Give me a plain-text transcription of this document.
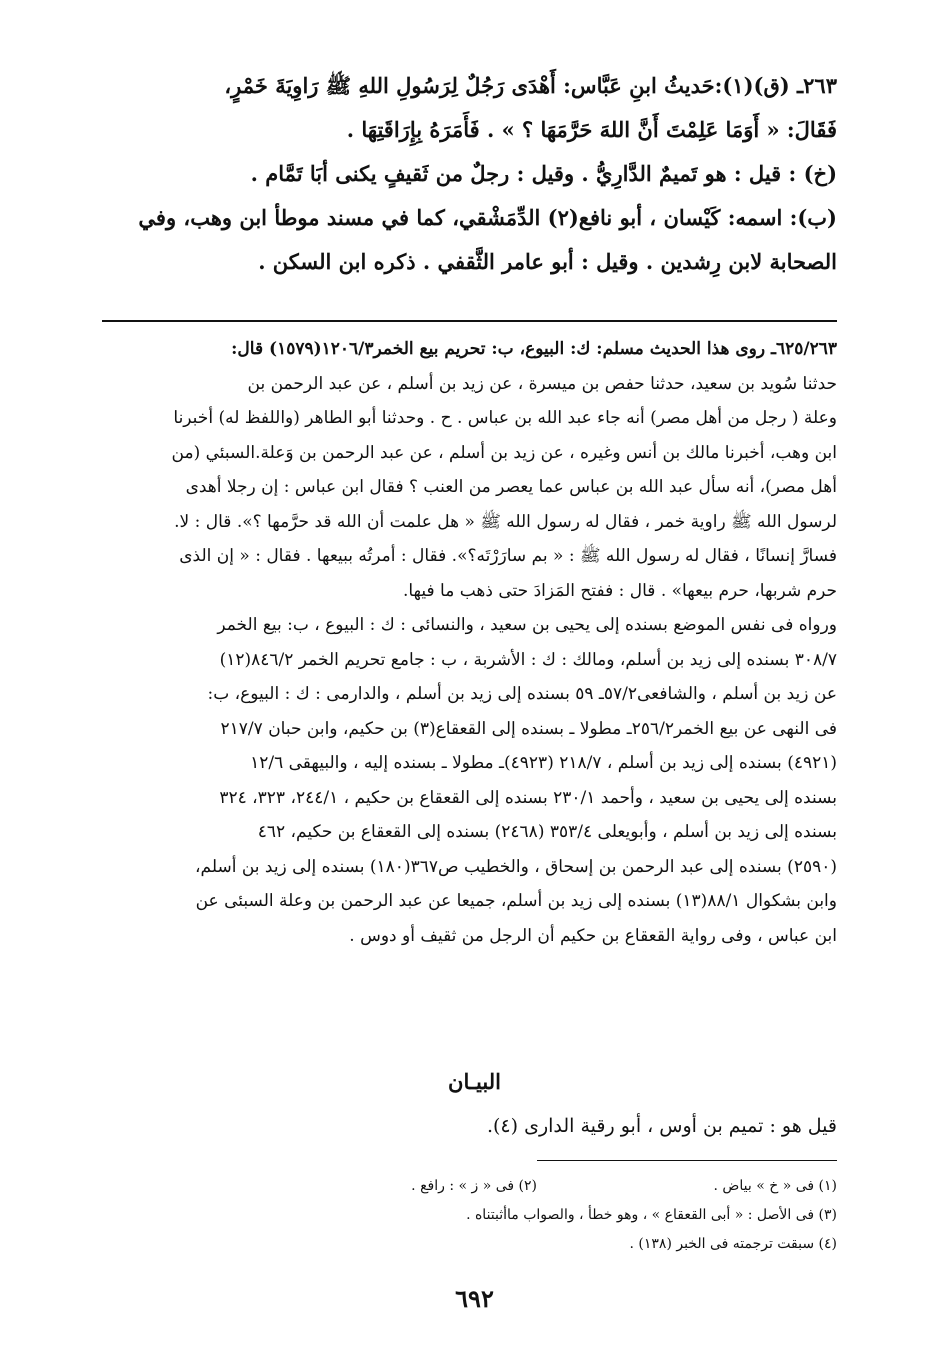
٢٦٣ـ (ق)(١):حَديثُ ابنِ عَبَّاس: أَهْدَى رَجُلٌ لِرَسُولِ اللهِ ﷺ رَاوِيَةَ خَمْرٍ،

فَقَالَ: « أَوَمَا عَلِمْتَ أَنَّ اللهَ حَرَّمَهَا ؟ » . فَأَمَرَهُ بِإِرَاقَتِهَا .

(خ) : قيل : هو تَميمٌ الدَّارِيُّ . وقيل : رجلٌ من ثَقيفٍ يكنى أبَا تَمَّام .

(ب): اسمه: كَيْسان ، أبو نافع(٢) الدِّمَشْقي، كما في مسند موطأ ابن وهب، وفي

الصحابة لابن رِشدين . وقيل : أبو عامر الثَّقفي . ذكره ابن السكن .

٦٢٥/٢٦٣ـ روى هذا الحديث مسلم: ك: البيوع، ب: تحريم بيع الخمر١٢٠٦/٣(١٥٧٩) قال:

حدثنا سُويد بن سعيد، حدثنا حفص بن ميسرة ، عن زيد بن أسلم ، عن عبد الرحمن بن

وعلة ( رجل من أهل مصر) أنه جاء عبد الله بن عباس . ح . وحدثنا أبو الطاهر (واللفظ له) أخبرنا

ابن وهب، أخبرنا مالك بن أنس وغيره ، عن زيد بن أسلم ، عن عبد الرحمن بن وَعلة.السبئي (من

أهل مصر)، أنه سأل عبد الله بن عباس عما يعصر من العنب ؟ فقال ابن عباس : إن رجلا أهدى

لرسول الله ﷺ راوية خمر ، فقال له رسول الله ﷺ « هل علمت أن الله قد حرَّمها ؟». قال : لا.

فسارَّ إنسانًا ، فقال له رسول الله ﷺ : « بم سارَرْتَه؟». فقال : أمرتُه ببيعها . فقال : « إن الذى

حرم شربها، حرم بيعها» . قال : ففتح المَزادَ حتى ذهب ما فيها.

ورواه فى نفس الموضع بسنده إلى يحيى بن سعيد ، والنسائى : ك : البيوع ، ب: بيع الخمر

٣٠٨/٧ بسنده إلى زيد بن أسلم، ومالك : ك : الأشربة ، ب : جامع تحريم الخمر ٨٤٦/٢(١٢)

عن زيد بن أسلم ، والشافعى٥٧/٢ـ ٥٩ بسنده إلى زيد بن أسلم ، والدارمى : ك : البيوع، ب:

فى النهى عن بيع الخمر٢٥٦/٢ـ مطولا ـ بسنده إلى القعقاع(٣) بن حكيم، وابن حبان ٢١٧/٧

(٤٩٢١) بسنده إلى زيد بن أسلم ، ٢١٨/٧ (٤٩٢٣)ـ مطولا ـ بسنده إليه ، والبيهقى ١٢/٦

بسنده إلى يحيى بن سعيد ، وأحمد ٢٣٠/١ بسنده إلى القعقاع بن حكيم ، ٢٤٤/١، ٣٢٣، ٣٢٤

بسنده إلى زيد بن أسلم ، وأبويعلى ٣٥٣/٤ (٢٤٦٨) بسنده إلى القعقاع بن حكيم، ٤٦٢

(٢٥٩٠) بسنده إلى عبد الرحمن بن إسحاق ، والخطيب ص٣٦٧(١٨٠) بسنده إلى زيد بن أسلم،

وابن بشكوال ٨٨/١(١٣) بسنده إلى زيد بن أسلم، جميعا عن عبد الرحمن بن وعلة السبئى عن

ابن عباس ، وفى رواية القعقاع بن حكيم أن الرجل من ثقيف أو دوس .

البيـان
قيل هو : تميم بن أوس ، أبو رقية الدارى (٤).
(١) فى « خ » بياض .
(٢) فى « ز » : رافع .
(٣) فى الأصل : « أبى القعقاع » ، وهو خطأ ، والصواب ماأثبتناه .
(٤) سبقت ترجمته فى الخبر (١٣٨) .
٦٩٢
